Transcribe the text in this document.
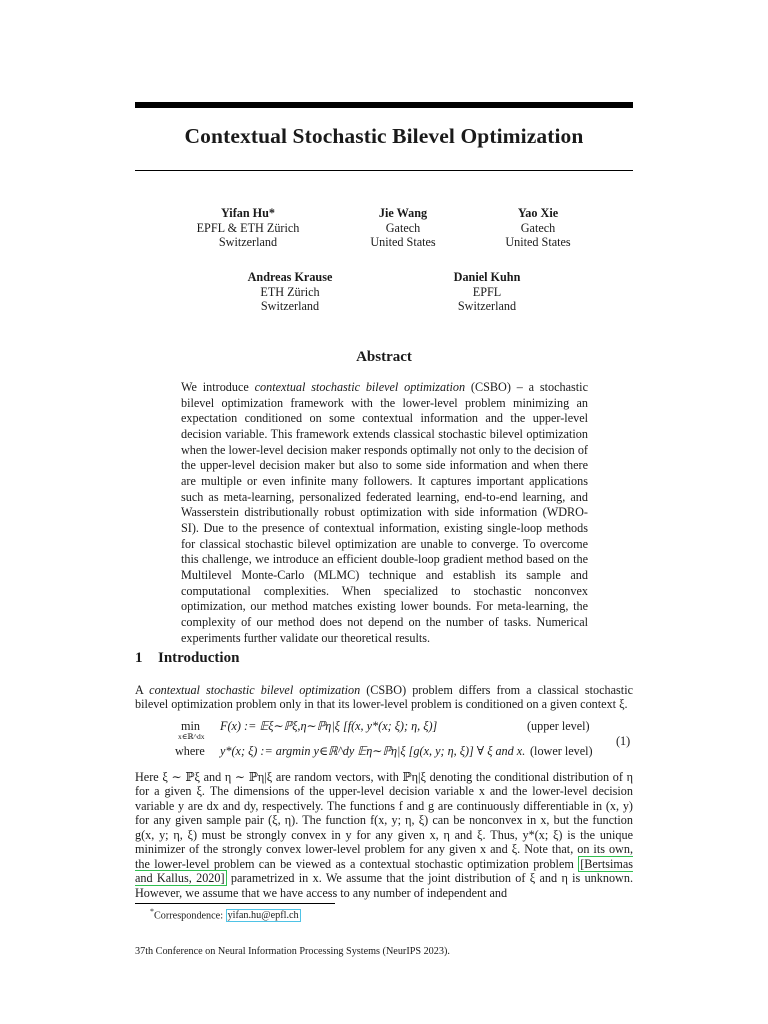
Contextual Stochastic Bilevel Optimization
Yifan Hu*
EPFL & ETH Zürich
Switzerland
Jie Wang
Gatech
United States
Yao Xie
Gatech
United States
Andreas Krause
ETH Zürich
Switzerland
Daniel Kuhn
EPFL
Switzerland
Abstract
We introduce contextual stochastic bilevel optimization (CSBO) – a stochastic bilevel optimization framework with the lower-level problem minimizing an expectation conditioned on some contextual information and the upper-level decision variable. This framework extends classical stochastic bilevel optimization when the lower-level decision maker responds optimally not only to the decision of the upper-level decision maker but also to some side information and when there are multiple or even infinite many followers. It captures important applications such as meta-learning, personalized federated learning, end-to-end learning, and Wasserstein distributionally robust optimization with side information (WDRO-SI). Due to the presence of contextual information, existing single-loop methods for classical stochastic bilevel optimization are unable to converge. To overcome this challenge, we introduce an efficient double-loop gradient method based on the Multilevel Monte-Carlo (MLMC) technique and establish its sample and computational complexities. When specialized to stochastic nonconvex optimization, our method matches existing lower bounds. For meta-learning, the complexity of our method does not depend on the number of tasks. Numerical experiments further validate our theoretical results.
1 Introduction
A contextual stochastic bilevel optimization (CSBO) problem differs from a classical stochastic bilevel optimization problem only in that its lower-level problem is conditioned on a given context ξ.
min
x∈ℝ^dx
F(x) := 𝔼ξ∼ℙξ,η∼ℙη|ξ [f(x, y*(x; ξ); η, ξ)]	(upper level)
where y*(x; ξ) := argmin y∈ℝ^dy 𝔼η∼ℙη|ξ [g(x, y; η, ξ)] ∀ ξ and x. (lower level)
(1)
Here ξ ∼ ℙξ and η ∼ ℙη|ξ are random vectors, with ℙη|ξ denoting the conditional distribution of η for a given ξ. The dimensions of the upper-level decision variable x and the lower-level decision variable y are dx and dy, respectively. The functions f and g are continuously differentiable in (x, y) for any given sample pair (ξ, η). The function f(x, y; η, ξ) can be nonconvex in x, but the function g(x, y; η, ξ) must be strongly convex in y for any given x, η and ξ. Thus, y*(x; ξ) is the unique minimizer of the strongly convex lower-level problem for any given x and ξ. Note that, on its own, the lower-level problem can be viewed as a contextual stochastic optimization problem [Bertsimas and Kallus, 2020] parametrized in x. We assume that the joint distribution of ξ and η is unknown. However, we assume that we have access to any number of independent and
*Correspondence: yifan.hu@epfl.ch
37th Conference on Neural Information Processing Systems (NeurIPS 2023).
